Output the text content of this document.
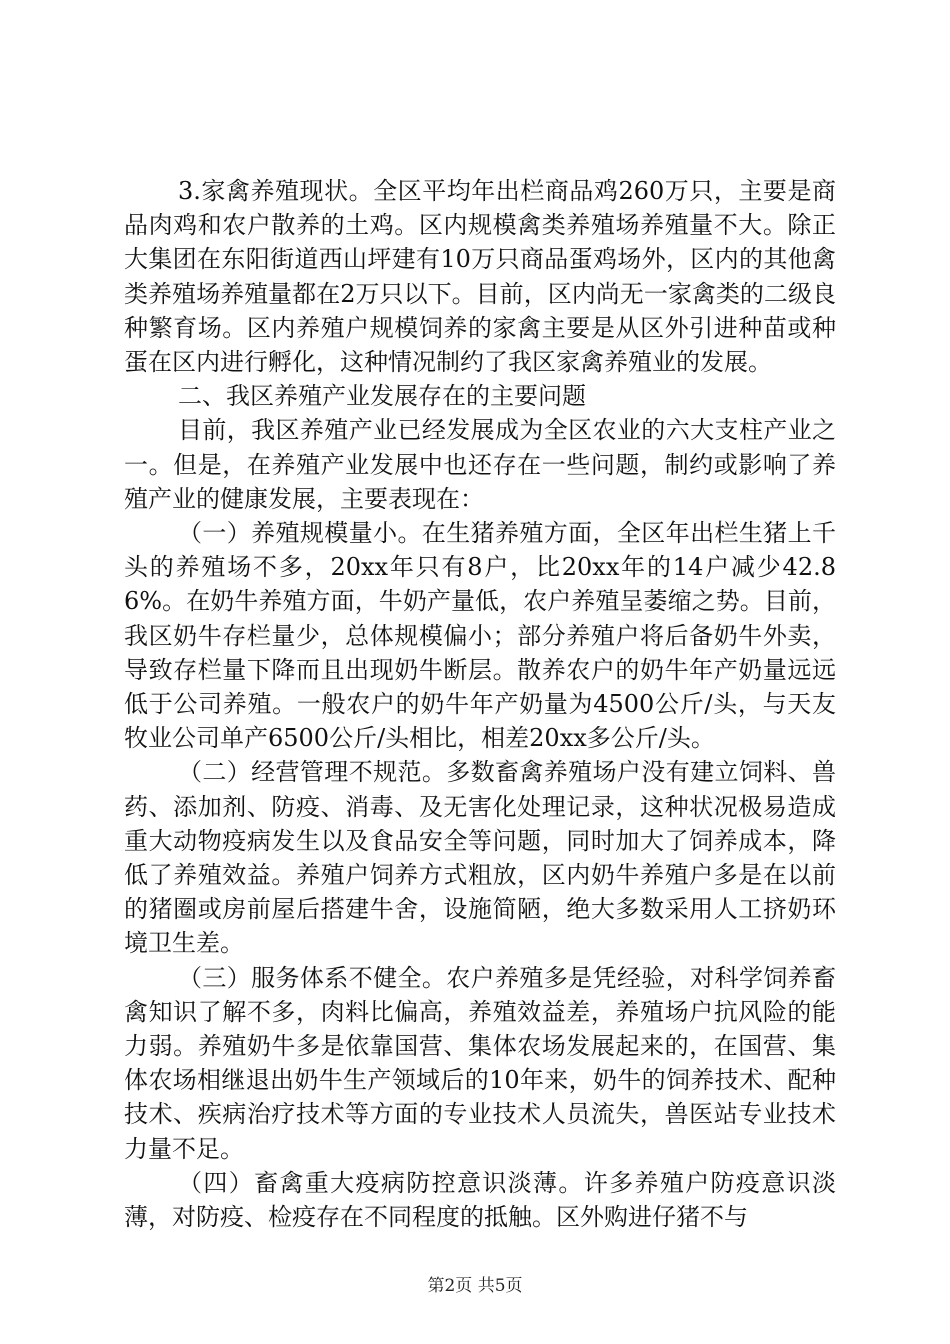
3.家禽养殖现状。全区平均年出栏商品鸡260万只，主要是商品肉鸡和农户散养的土鸡。区内规模禽类养殖场养殖量不大。除正大集团在东阳街道西山坪建有10万只商品蛋鸡场外，区内的其他禽类养殖场养殖量都在2万只以下。目前，区内尚无一家禽类的二级良种繁育场。区内养殖户规模饲养的家禽主要是从区外引进种苗或种蛋在区内进行孵化，这种情况制约了我区家禽养殖业的发展。

二、我区养殖产业发展存在的主要问题

目前，我区养殖产业已经发展成为全区农业的六大支柱产业之一。但是，在养殖产业发展中也还存在一些问题，制约或影响了养殖产业的健康发展，主要表现在：

（一）养殖规模量小。在生猪养殖方面，全区年出栏生猪上千头的养殖场不多，20xx年只有8户，比20xx年的14户减少42.86%。在奶牛养殖方面，牛奶产量低，农户养殖呈萎缩之势。目前，我区奶牛存栏量少，总体规模偏小；部分养殖户将后备奶牛外卖，导致存栏量下降而且出现奶牛断层。散养农户的奶牛年产奶量远远低于公司养殖。一般农户的奶牛年产奶量为4500公斤/头，与天友牧业公司单产6500公斤/头相比，相差20xx多公斤/头。

（二）经营管理不规范。多数畜禽养殖场户没有建立饲料、兽药、添加剂、防疫、消毒、及无害化处理记录，这种状况极易造成重大动物疫病发生以及食品安全等问题，同时加大了饲养成本，降低了养殖效益。养殖户饲养方式粗放，区内奶牛养殖户多是在以前的猪圈或房前屋后搭建牛舍，设施简陋，绝大多数采用人工挤奶环境卫生差。

（三）服务体系不健全。农户养殖多是凭经验，对科学饲养畜禽知识了解不多，肉料比偏高，养殖效益差，养殖场户抗风险的能力弱。养殖奶牛多是依靠国营、集体农场发展起来的，在国营、集体农场相继退出奶牛生产领域后的10年来，奶牛的饲养技术、配种技术、疾病治疗技术等方面的专业技术人员流失，兽医站专业技术力量不足。

（四）畜禽重大疫病防控意识淡薄。许多养殖户防疫意识淡薄，对防疫、检疫存在不同程度的抵触。区外购进仔猪不与

第2页 共5页
